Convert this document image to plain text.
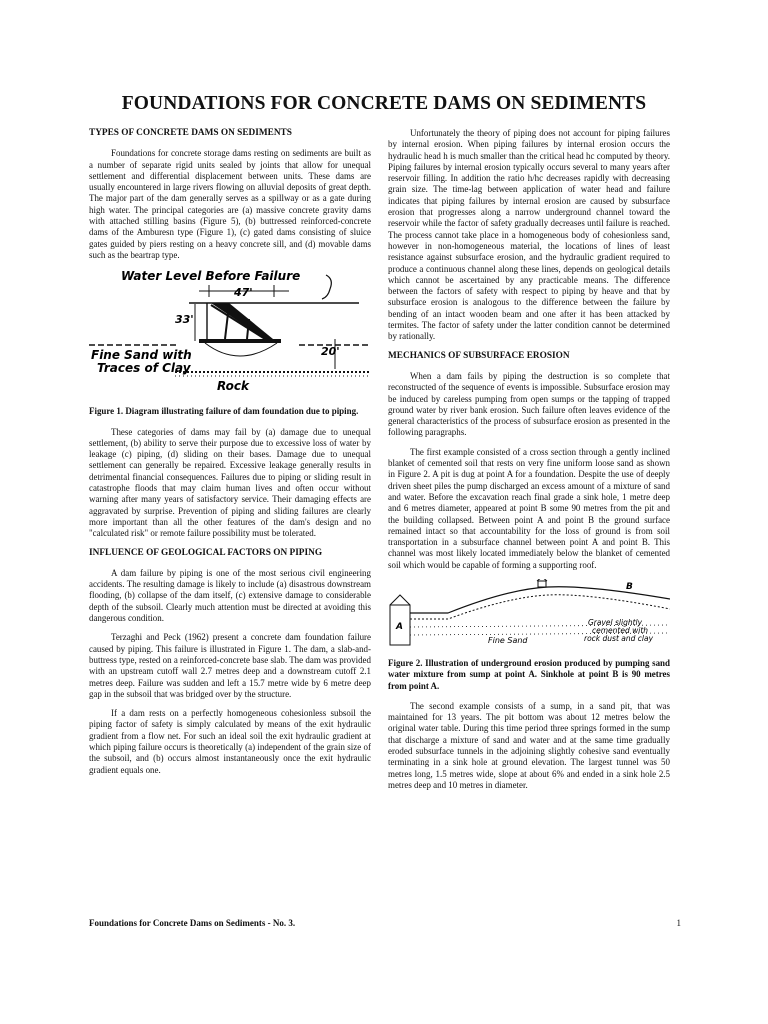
FOUNDATIONS FOR CONCRETE DAMS ON SEDIMENTS
TYPES OF CONCRETE DAMS ON SEDIMENTS

Foundations for concrete storage dams resting on sediments are built as a number of separate rigid units sealed by joints that allow for unequal settlement and differential displacement between units. These dams are usually encountered in large rivers flowing on alluvial deposits of great depth. The major part of the dam generally serves as a spillway or as a gate during high water. The principal categories are (a) massive concrete gravity dams with attached stilling basins (Figure 5), (b) buttressed reinforced-concrete dams of the Amburesn type (Figure 1), (c) gated dams consisting of sluice gates guided by piers resting on a heavy concrete sill, and (d) movable dams such as the beartrap type.

Water Level Before Failure
47'
33'
20'
Fine Sand with
Traces of Clay
Rock

Figure 1. Diagram illustrating failure of dam foundation due to piping.

These categories of dams may fail by (a) damage due to unequal settlement, (b) ability to serve their purpose due to excessive loss of water by leakage (c) piping, (d) sliding on their bases. Damage due to unequal settlement can generally be repaired. Excessive leakage generally results in detrimental financial consequences. Failures due to piping or sliding result in catastrophe floods that may claim human lives and often occur without warning after many years of satisfactory service. Their damaging effects are aggravated by surprise. Prevention of piping and sliding failures are clearly more important than all the other features of the dam's design and no "calculated risk" or remote failure possibility must be tolerated.

INFLUENCE OF GEOLOGICAL FACTORS ON PIPING

A dam failure by piping is one of the most serious civil engineering accidents. The resulting damage is likely to include (a) disastrous downstream flooding, (b) collapse of the dam itself, (c) extensive damage to considerable depth of the subsoil. Clearly much attention must be directed at avoiding this dangerous condition.

Terzaghi and Peck (1962) present a concrete dam foundation failure caused by piping. This failure is illustrated in Figure 1. The dam, a slab-and-buttress type, rested on a reinforced-concrete base slab. The dam was provided with an upstream cutoff wall 2.7 metres deep and a downstream cutoff 2.1 metres deep. Failure was sudden and left a 15.7 metre wide by 6 metre deep gap in the subsoil that was bridged over by the structure.

If a dam rests on a perfectly homogeneous cohesionless subsoil the piping factor of safety is simply calculated by means of the exit hydraulic gradient from a flow net. For such an ideal soil the exit hydraulic gradient at which piping failure occurs is theoretically (a) independent of the grain size of the subsoil, and (b) occurs almost instantaneously once the exit hydraulic gradient equals one.

Unfortunately the theory of piping does not account for piping failures by internal erosion. When piping failures by internal erosion occurs the hydraulic head h is much smaller than the critical head hc computed by theory. Piping failures by internal erosion typically occurs several to many years after reservoir filling. In addition the ratio h/hc decreases rapidly with decreasing grain size. The time-lag between application of water head and failure indicates that piping failures by internal erosion are caused by subsurface erosion that progresses along a narrow underground channel toward the reservoir while the factor of safety gradually decreases until failure is reached. The process cannot take place in a homogeneous body of cohesionless sand, however in non-homogeneous material, the locations of lines of least resistance against subsurface erosion, and the hydraulic gradient required to produce a continuous channel along these lines, depends on geological details which cannot be ascertained by any practicable means. The difference between the factors of safety with respect to piping by heave and that by subsurface erosion is analogous to the difference between the failure by bending of an intact wooden beam and one after it has been attacked by termites. The factor of safety under the latter condition cannot be determined by rationally.

MECHANICS OF SUBSURFACE EROSION

When a dam fails by piping the destruction is so complete that reconstructed of the sequence of events is impossible. Subsurface erosion may be induced by careless pumping from open sumps or the tapping of trapped ground water by river bank erosion. Such failure often leaves evidence of the general characteristics of the process of subsurface erosion as presented in the following paragraphs.

The first example consisted of a cross section through a gently inclined blanket of cemented soil that rests on very fine uniform loose sand as shown in Figure 2. A pit is dug at point A for a foundation. Despite the use of deeply driven sheet piles the pump discharged an excess amount of a mixture of sand and water. Before the excavation reach final grade a sink hole, 1 metre deep and 6 metres diameter, appeared at point B some 90 metres from the pit and the building collapsed. Between point A and point B the ground surface remained intact so that accountability for the loss of ground is from soil transportation in a subsurface channel between point A and point B. This channel was most likely located immediately below the blanket of cemented soil which would be capable of forming a supporting roof.

A
B
Gravel slightly
cemented with
rock dust and clay
Fine Sand

Figure 2. Illustration of underground erosion produced by pumping sand water mixture from sump at point A. Sinkhole at point B is 90 metres from point A.

The second example consists of a sump, in a sand pit, that was maintained for 13 years. The pit bottom was about 12 metres below the original water table. During this time period three springs formed in the sump that discharge a mixture of sand and water and at the same time gradually eroded subsurface tunnels in the adjoining slightly cohesive sand eventually terminating in a sink hole at ground elevation. The largest tunnel was 50 metres long, 1.5 metres wide, slope at about 6% and ended in a sink hole 2.5 metres deep and 10 metres in diameter.

Foundations for Concrete Dams on Sediments - No. 3.	1
